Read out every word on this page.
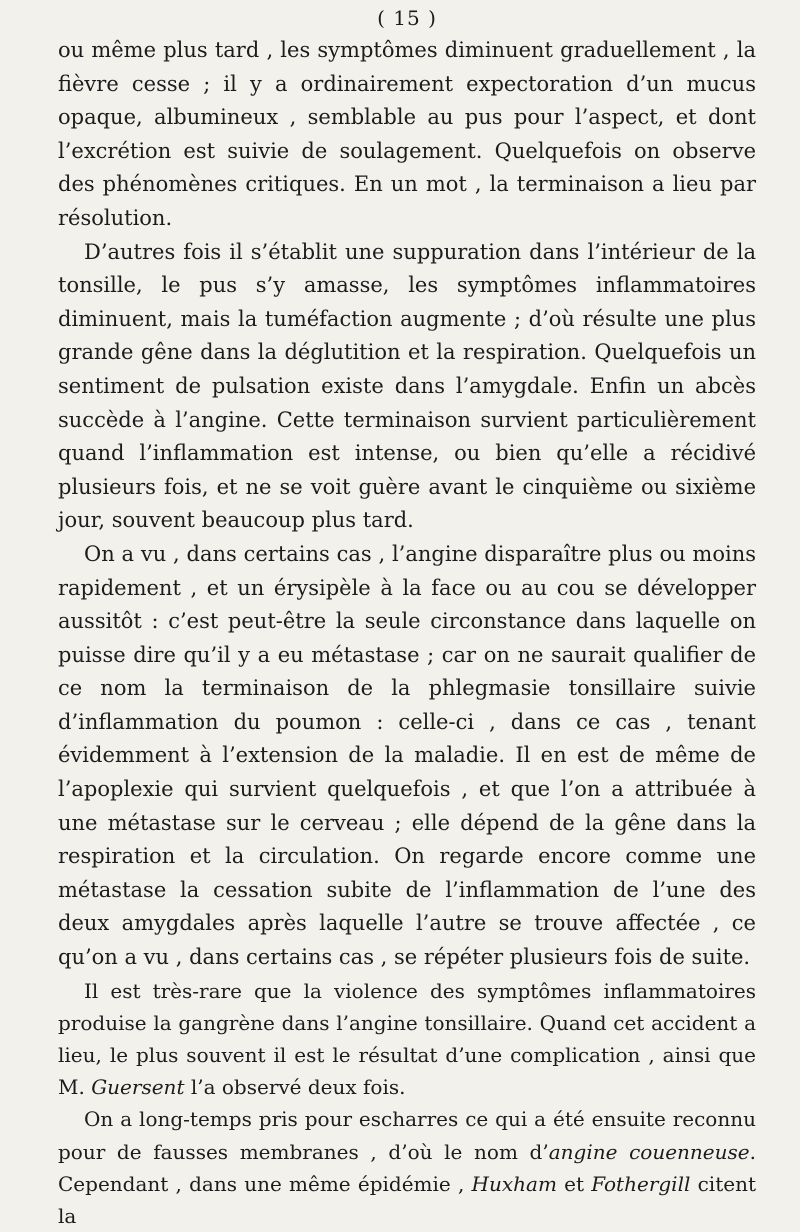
( 15 )

ou même plus tard , les symptômes diminuent graduellement , la fièvre cesse ; il y a ordinairement expectoration d’un mucus opaque, albumineux , semblable au pus pour l’aspect, et dont l’excrétion est suivie de soulagement. Quelquefois on observe des phénomènes critiques. En un mot , la terminaison a lieu par résolution.

D’autres fois il s’établit une suppuration dans l’intérieur de la tonsille, le pus s’y amasse, les symptômes inflammatoires diminuent, mais la tuméfaction augmente ; d’où résulte une plus grande gêne dans la déglutition et la respiration. Quelquefois un sentiment de pulsation existe dans l’amygdale. Enfin un abcès succède à l’angine. Cette terminaison survient particulièrement quand l’inflammation est intense, ou bien qu’elle a récidivé plusieurs fois, et ne se voit guère avant le cinquième ou sixième jour, souvent beaucoup plus tard.

On a vu , dans certains cas , l’angine disparaître plus ou moins rapidement , et un érysipèle à la face ou au cou se développer aussitôt : c’est peut-être la seule circonstance dans laquelle on puisse dire qu’il y a eu métastase ; car on ne saurait qualifier de ce nom la terminaison de la phlegmasie tonsillaire suivie d’inflammation du poumon : celle-ci , dans ce cas , tenant évidemment à l’extension de la maladie. Il en est de même de l’apoplexie qui survient quelquefois , et que l’on a attribuée à une métastase sur le cerveau ; elle dépend de la gêne dans la respiration et la circulation. On regarde encore comme une métastase la cessation subite de l’inflammation de l’une des deux amygdales après laquelle l’autre se trouve affectée , ce qu’on a vu , dans certains cas , se répéter plusieurs fois de suite.

Il est très-rare que la violence des symptômes inflammatoires produise la gangrène dans l’angine tonsillaire. Quand cet accident a lieu, le plus souvent il est le résultat d’une complication , ainsi que M. Guersent l’a observé deux fois.

On a long-temps pris pour escharres ce qui a été ensuite reconnu pour de fausses membranes , d’où le nom d’angine couenneuse. Cependant , dans une même épidémie , Huxham et Fothergill citent la
